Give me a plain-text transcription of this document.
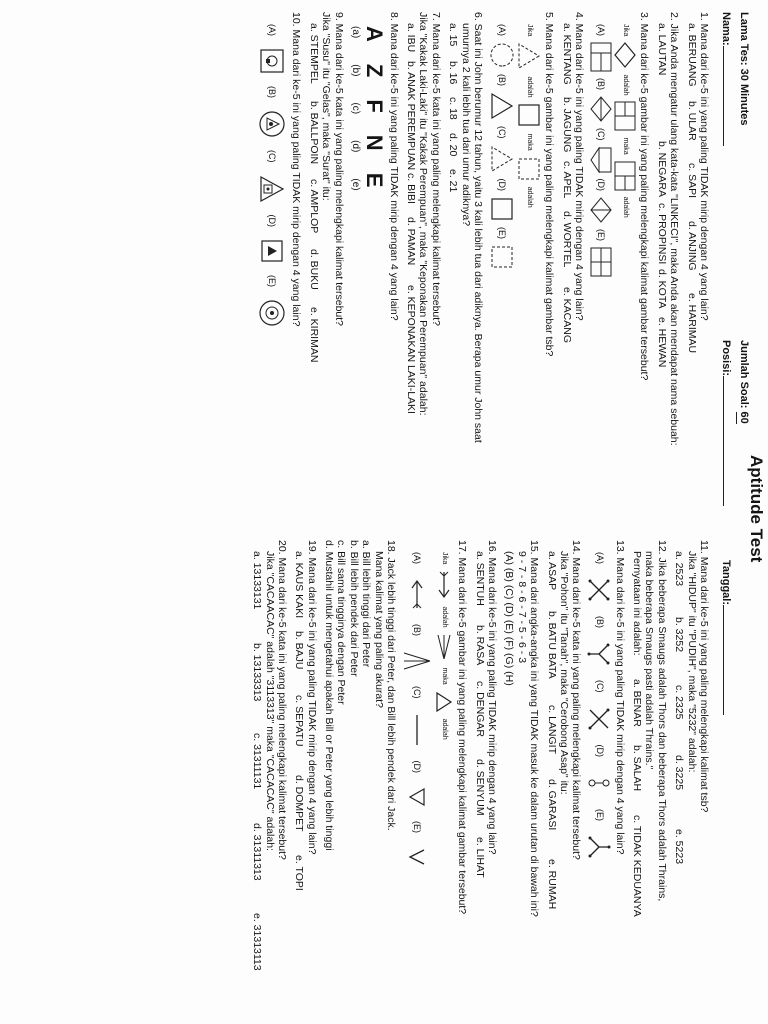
Aptitude Test
Lama Tes: 30 Minutes
Jumlah Soal: 60
Nama:
Posisi:
Tanggal:
1. Mana dari ke-5 ini yang paling TIDAK mirip dengan 4 yang lain?
a. BERUANG
b. ULAR
c. SAPI
d. ANJING
e. HARIMAU
2. Jika Anda mengatur ulang kata-kata "LINKECI", maka Anda akan mendapat nama sebuah:
a. LAUTAN
b. NEGARA
c. PROPINSI
d. KOTA
e. HEWAN
3. Mana dari ke-5 gambar ini yang paling melengkapi kalimat gambar tersebut?
Jika
adalah
maka
adalah
(A)
(B)
(C)
(D)
(E)
4. Mana dari ke-5 ini yang paling TIDAK mirip dengan 4 yang lain?
a. KENTANG
b. JAGUNG
c. APEL
d. WORTEL
e. KACANG
5. Mana dari ke-5 gambar ini yang paling melengkapi kalimat gambar tsb?
Jika
adalah
maka
adalah
(A)
(B)
(C)
(D)
(E)
6. Saat ini John berumur 12 tahun, yaitu 3 kali lebih tua dari adiknya. Berapa umur John saat
umurnya 2 kali lebih tua dari umur adiknya?
a. 15
b. 16
c. 18
d. 20
e. 21
7. Mana dari ke-5 kata ini yang paling melengkapi kalimat tersebut?
Jika "Kakak Laki-Laki" itu "Kakak Perempuan", maka "Keponakan Perempuan" adalah:
a. IBU
b. ANAK PEREMPUAN
c. BIBI
d. PAMAN
e. KEPONAKAN LAKI-LAKI
8. Mana dari ke-5 ini yang paling TIDAK mirip dengan 4 yang lain?
A
Z
F
N
E
(a)
(b)
(c)
(d)
(e)
9. Mana dari ke-5 kata ini yang paling melengkapi kalimat tersebut?
Jika "Susu" itu "Gelas", maka "Surat" itu:
a. STEMPEL
b. BALLPOIN
c. AMPLOP
d. BUKU
e. KIRIMAN
10. Mana dari ke-5 ini yang paling TIDAK mirip dengan 4 yang lain?
(A)
(B)
(C)
(D)
(E)
11. Mana dari ke-5 ini yang paling melengkapi kalimat tsb?
Jika "HIDUP" itu "PUDIH", maka "5232" adalah:
a. 2523
b. 3252
c. 2325
d. 3225
e. 5223
12. Jika beberapa Smaugs adalah Thors dan beberapa Thors adalah Thrains,
maka beberapa Smaugs pasti adalah Thrains."
Pernyataan ini adalah:
a. BENAR
b. SALAH
c. TIDAK KEDUANYA
13. Mana dari ke-5 ini yang paling TIDAK mirip dengan 4 yang lain?
(A)
(B)
(C)
(D)
(E)
14. Mana dari ke-5 kata ini yang paling melengkapi kalimat tersebut?
Jika "Pohon" itu "Tanah", maka "Cerobong Asap" itu:
a. ASAP
b. BATU BATA
c. LANGIT
d. GARASI
e. RUMAH
15. Mana dari angka-angka ini yang TIDAK masuk ke dalam urutan di bawah ini?
9 - 7 - 8 - 6 - 7 - 5 - 6 - 3
(A) (B) (C) (D) (E) (F) (G) (H)
16. Mana dari ke-5 ini yang paling TIDAK mirip dengan 4 yang lain?
a. SENTUH
b. RASA
c. DENGAR
d. SENYUM
e. LIHAT
17. Mana dari ke-5 gambar ini yang paling melengkapi kalimat gambar tersebut?
Jika
adalah
maka
adalah
(A)
(B)
(C)
(D)
(E)
18. Jack lebih tinggi dari Peter, dan Bill lebih pendek dari Jack.
Mana kalimat yang paling akurat?
a. Bill lebih tinggi dari Peter
b. Bill lebih pendek dari Peter
c. Bill sama tingginya dengan Peter
d. Mustahil untuk mengetahui apakah Bill or Peter yang lebih tinggi
19. Mana dari ke-5 ini yang paling TIDAK mirip dengan 4 yang lain?
a. KAUS KAKI
b. BAJU
c. SEPATU
d. DOMPET
e. TOPI
20. Mana dari ke-5 kata ini yang paling melengkapi kalimat tersebut?
Jika "CACAACAC" adalah "3113313" maka "CACACAC" adalah:
a. 13133131
b. 13133313
c. 31311131
d. 31311313
e. 31313113
